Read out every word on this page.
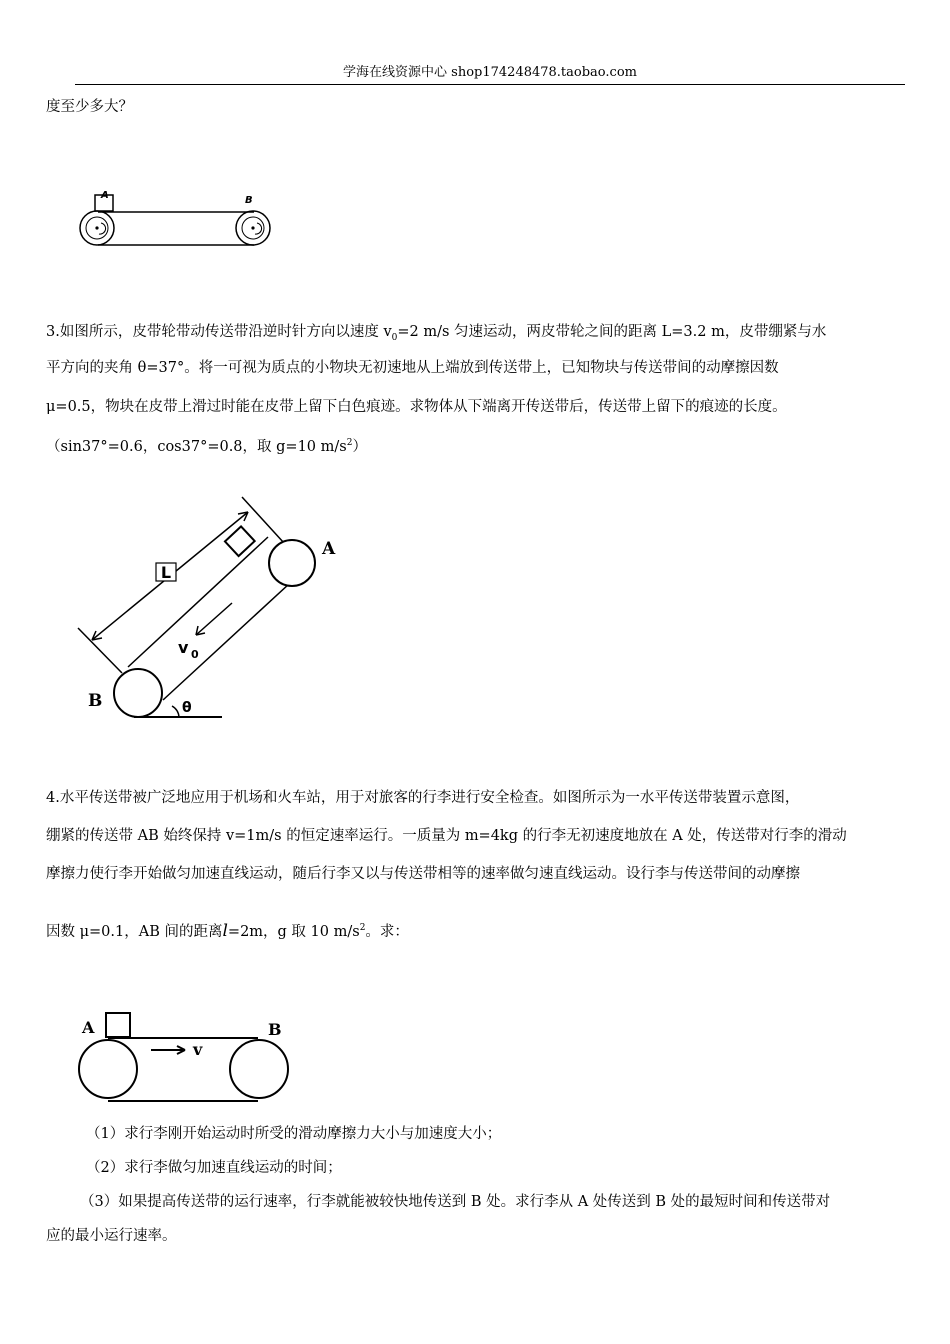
学海在线资源中心 shop174248478.taobao.com

度至少多大？

A	B

3.如图所示，皮带轮带动传送带沿逆时针方向以速度 $v_0=2$ m/s 匀速运动，两皮带轮之间的距离 L=3.2 m，皮带绷紧与水

平方向的夹角 θ=37°。将一可视为质点的小物块无初速地从上端放到传送带上，已知物块与传送带间的动摩擦因数

μ=0.5，物块在皮带上滑过时能在皮带上留下白色痕迹。求物体从下端离开传送带后，传送带上留下的痕迹的长度。

（sin37°=0.6，cos37°=0.8，取 g=10 $m/s^2$）

L
v 0
θ
A
B

4.水平传送带被广泛地应用于机场和火车站，用于对旅客的行李进行安全检查。如图所示为一水平传送带装置示意图，

绷紧的传送带 AB 始终保持 v=1m/s 的恒定速率运行。一质量为 m=4kg 的行李无初速度地放在 A 处，传送带对行李的滑动

摩擦力使行李开始做匀加速直线运动，随后行李又以与传送带相等的速率做匀速直线运动。设行李与传送带间的动摩擦

因数 μ=0.1，AB 间的距离l=2m，g 取 10 $m/s^2$。求：

v
A	B

（1）求行李刚开始运动时所受的滑动摩擦力大小与加速度大小；

（2）求行李做匀加速直线运动的时间；

（3）如果提高传送带的运行速率，行李就能被较快地传送到 B 处。求行李从 A 处传送到 B 处的最短时间和传送带对

应的最小运行速率。
